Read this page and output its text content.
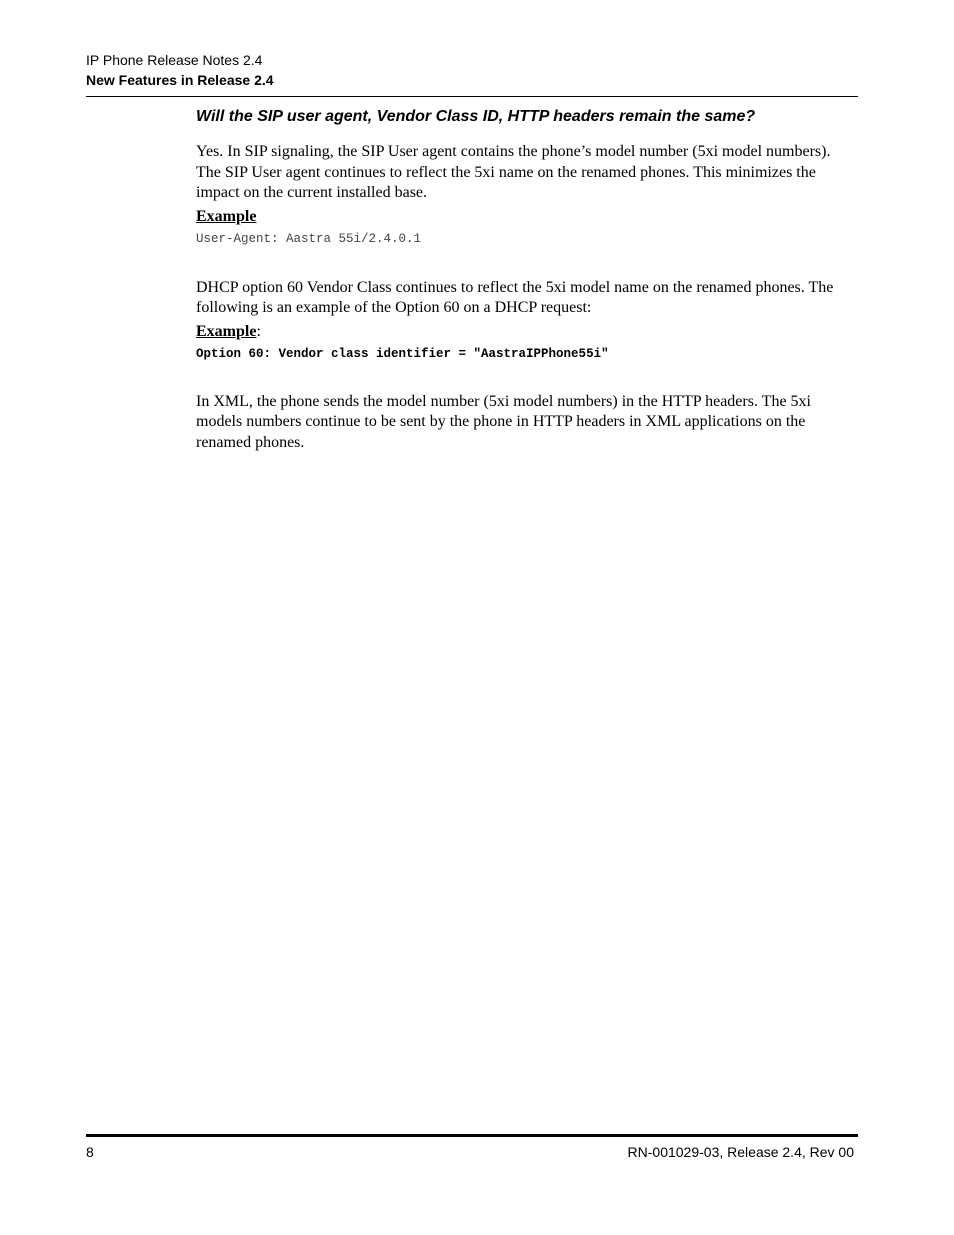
IP Phone Release Notes 2.4
New Features in Release 2.4
Will the SIP user agent, Vendor Class ID, HTTP headers remain the same?

Yes. In SIP signaling, the SIP User agent contains the phone’s model number (5xi model numbers). The SIP User agent continues to reflect the 5xi name on the renamed phones. This minimizes the impact on the current installed base.

Example
User-Agent: Aastra 55i/2.4.0.1

DHCP option 60 Vendor Class continues to reflect the 5xi model name on the renamed phones. The following is an example of the Option 60 on a DHCP request:

Example:
Option 60: Vendor class identifier = "AastraIPPhone55i"

In XML, the phone sends the model number (5xi model numbers) in the HTTP headers. The 5xi models numbers continue to be sent by the phone in HTTP headers in XML applications on the renamed phones.

8	RN-001029-03, Release 2.4, Rev 00
